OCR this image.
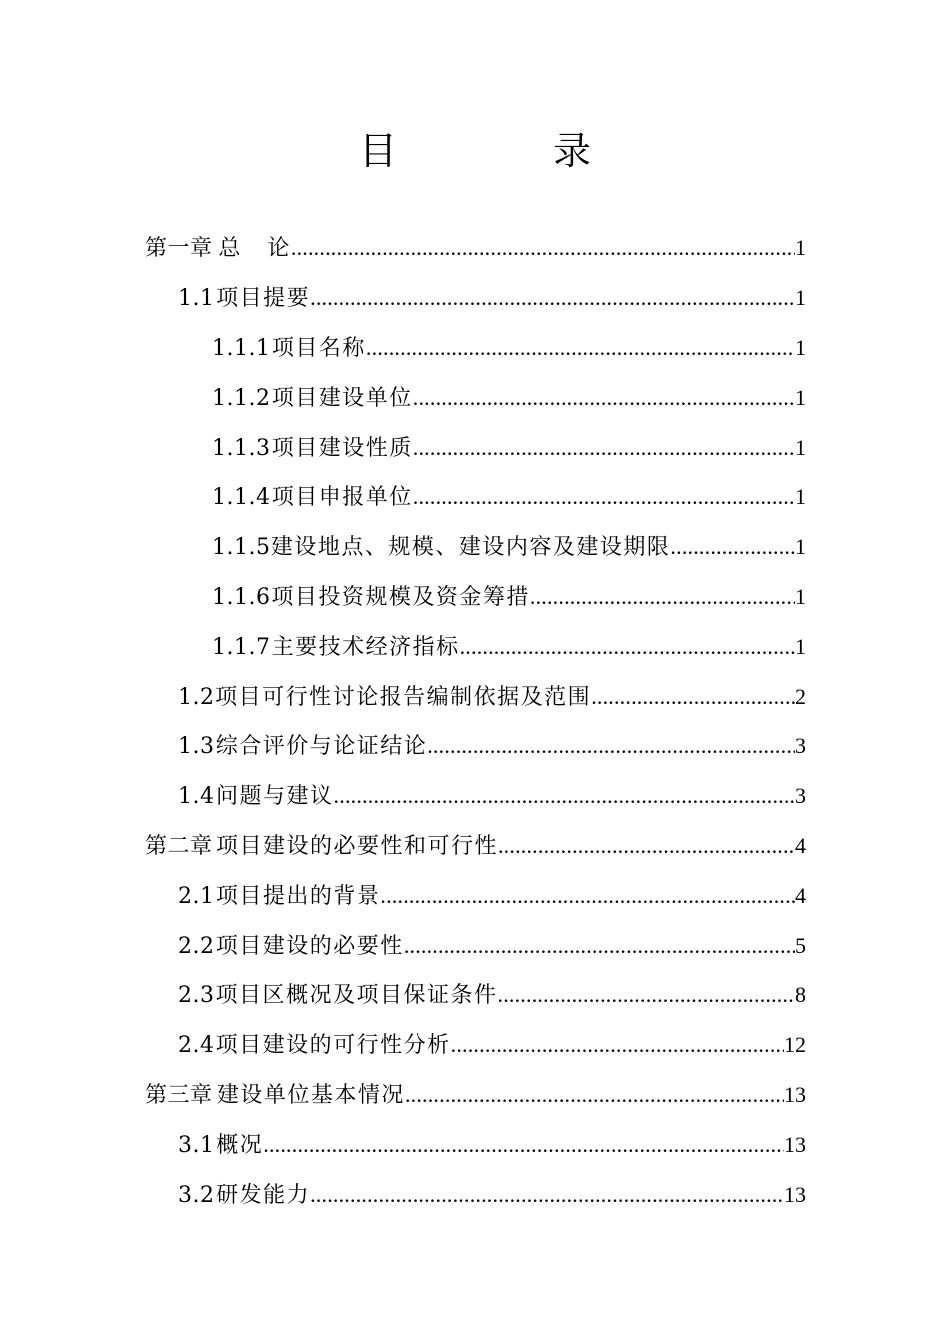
目 录
第一章 总   论 .....	1
1.1 项目提要 .....	1
1.1.1 项目名称 .....	1
1.1.2 项目建设单位 .....	1
1.1.3 项目建设性质 .....	1
1.1.4 项目申报单位 .....	1
1.1.5 建设地点、规模、建设内容及建设期限 .....	1
1.1.6 项目投资规模及资金筹措 .....	1
1.1.7 主要技术经济指标 .....	1
1.2 项目可行性讨论报告编制依据及范围 .....	2
1.3 综合评价与论证结论 .....	3
1.4 问题与建议 .....	3
第二章 项目建设的必要性和可行性 .....	4
2.1 项目提出的背景 .....	4
2.2 项目建设的必要性 .....	5
2.3 项目区概况及项目保证条件 .....	8
2.4 项目建设的可行性分析 .....	12
第三章 建设单位基本情况 .....	13
3.1 概况 .....	13
3.2 研发能力 .....	13
